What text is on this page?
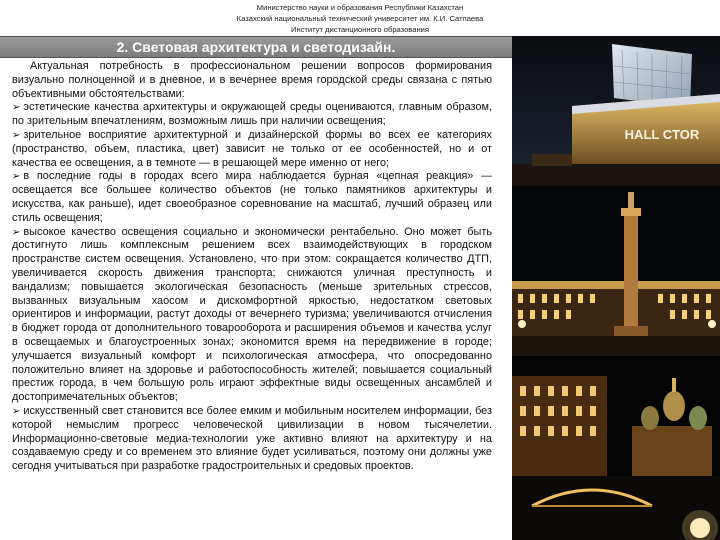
Министерство науки и образования Республики Казахстан
Казахский национальный технический университет им. К.И. Сатпаева
Институт дистанционного образования
2. Световая архитектура и светодизайн.

Актуальная потребность в профессиональном решении вопросов формирования визуально полноценной и в дневное, и в вечернее время городской среды связана с пятью объективными обстоятельствами:

➢ эстетические качества архитектуры и окружающей среды оцениваются, главным образом, по зрительным впечатлениям, возможным лишь при наличии освещения;

➢ зрительное восприятие архитектурной и дизайнерской формы во всех ее категориях (пространство, объем, пластика, цвет) зависит не только от ее особенностей, но и от качества ее освещения, а в темноте — в решающей мере именно от него;

➢ в последние годы в городах всего мира наблюдается бурная «цепная реакция» — освещается все большее количество объектов (не только памятников архитектуры и искусства, как раньше), идет своеобразное соревнование на масштаб, лучший образец или стиль освещения;

➢ высокое качество освещения социально и экономически рентабельно. Оно может быть достигнуто лишь комплексным решением всех взаимодействующих в городском пространстве систем освещения. Установлено, что при этом: сокращается количество ДТП, увеличивается скорость движения транспорта; снижаются уличная преступность и вандализм; повышается экологическая безопасность (меньше зрительных стрессов, вызванных визуальным хаосом и дискомфортной яркостью, недостатком световых ориентиров и информации, растут доходы от вечернего туризма; увеличиваются отчисления в бюджет города от дополнительного товарооборота и расширения объемов и качества услуг в освещаемых и благоустроенных зонах; экономится время на передвижение в городе; улучшается визуальный комфорт и психологическая атмосфера, что опосредованно положительно влияет на здоровье и работоспособность жителей; повышается социальный престиж города, в чем большую роль играют эффектные виды освещенных ансамблей и достопримечательных объектов;

➢ искусственный свет становится все более емким и мобильным носителем информации, без которой немыслим прогресс человеческой цивилизации в новом тысячелетии. Информационно-световые медиа-технологии уже активно влияют на архитектуру и на создаваемую среду и со временем это влияние будет усиливаться, поэтому они должны уже сегодня учитываться при разработке градостроительных и средовых проектов.

HALL CTOR
